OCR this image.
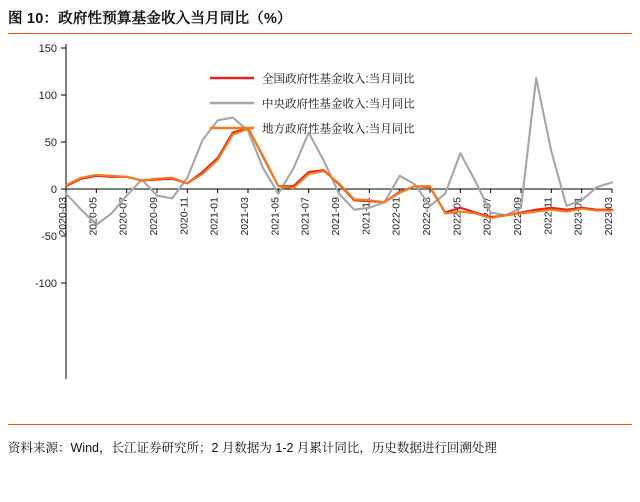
图 10：政府性预算基金收入当月同比（%）
-100
-50
0
50
100
150
2020-03 2020-05 2020-07 2020-09 2020-11 2021-01 2021-03 2021-05 2021-07 2021-09 2021-11 2022-01 2022-03 2022-05 2022-07 2022-09 2022-11 2023-01 2023-03
全国政府性基金收入:当月同比
中央政府性基金收入:当月同比
地方政府性基金收入:当月同比
资料来源：Wind，长江证券研究所；2 月数据为 1-2 月累计同比，历史数据进行回溯处理
